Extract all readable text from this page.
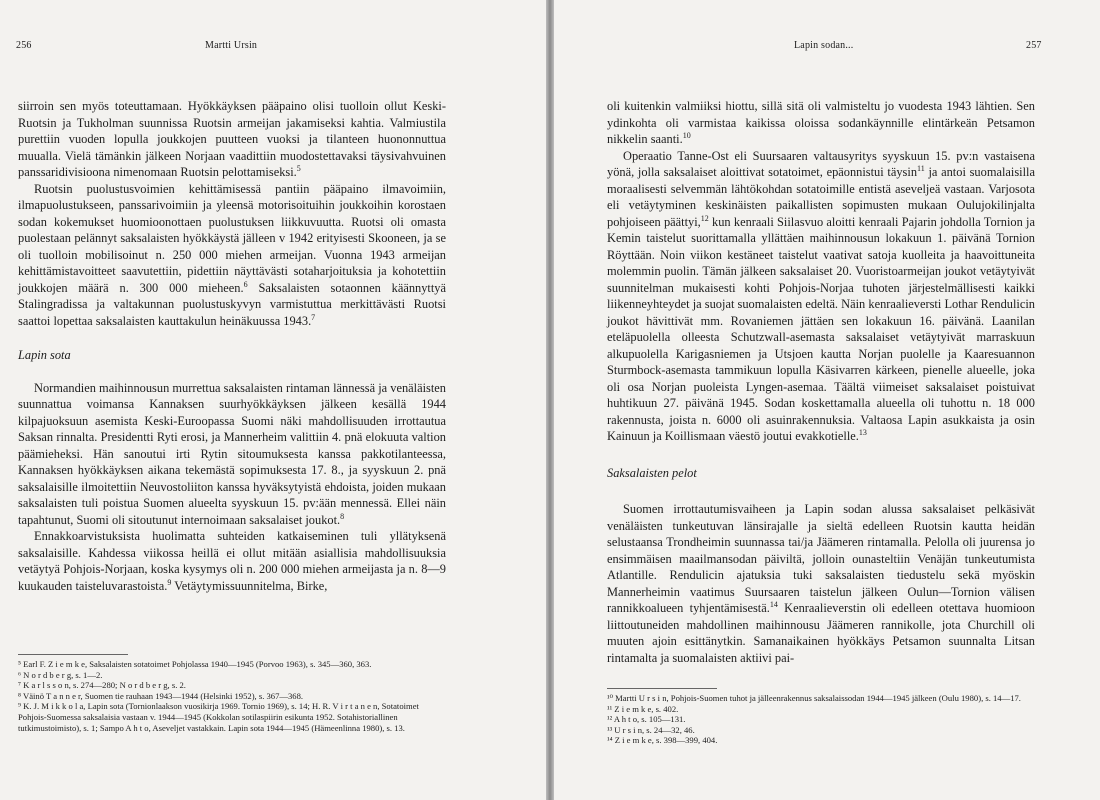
256	Martti Ursin

siirroin sen myös toteuttamaan. Hyökkäyksen pääpaino olisi tuolloin ollut Keski-Ruotsin ja Tukholman suunnissa Ruotsin armeijan jakamiseksi kahtia. Valmiustila purettiin vuoden lopulla joukkojen puutteen vuoksi ja tilanteen huononnuttua muualla. Vielä tämänkin jälkeen Norjaan vaadittiin muodostettavaksi täysivahvuinen panssaridivisioona nimenomaan Ruotsin pelottamiseksi.$^5$

Ruotsin puolustusvoimien kehittämisessä pantiin pääpaino ilmavoimiin, ilmapuolustukseen, panssarivoimiin ja yleensä motorisoituihin joukkoihin korostaen sodan kokemukset huomioonottaen puolustuksen liikkuvuutta. Ruotsi oli omasta puolestaan pelännyt saksalaisten hyökkäystä jälleen v 1942 erityisesti Skooneen, ja se oli tuolloin mobilisoinut n. 250 000 miehen armeijan. Vuonna 1943 armeijan kehittämistavoitteet saavutettiin, pidettiin näyttävästi sotaharjoituksia ja kohotettiin joukkojen määrä n. 300 000 mieheen.$^6$ Saksalaisten sotaonnen käännyttyä Stalingradissa ja valtakunnan puolustuskyvyn varmistuttua merkittävästi Ruotsi saattoi lopettaa saksalaisten kauttakulun heinäkuussa 1943.$^7$

Lapin sota

Normandien maihinnousun murrettua saksalaisten rintaman lännessä ja venäläisten suunnattua voimansa Kannaksen suurhyökkäyksen jälkeen kesällä 1944 kilpajuoksuun asemista Keski-Euroopassa Suomi näki mahdollisuuden irrottautua Saksan rinnalta. Presidentti Ryti erosi, ja Mannerheim valittiin 4. pnä elokuuta valtion päämieheksi. Hän sanoutui irti Rytin sitoumuksesta kanssa pakkotilanteessa, Kannaksen hyökkäyksen aikana tekemästä sopimuksesta 17. 8., ja syyskuun 2. pnä saksalaisille ilmoitettiin Neuvostoliiton kanssa hyväksytyistä ehdoista, joiden mukaan saksalaisten tuli poistua Suomen alueelta syyskuun 15. pv:ään mennessä. Ellei näin tapahtunut, Suomi oli sitoutunut internoimaan saksalaiset joukot.$^8$

Ennakkoarvistuksista huolimatta suhteiden katkaiseminen tuli yllätyksenä saksalaisille. Kahdessa viikossa heillä ei ollut mitään asiallisia mahdollisuuksia vetäytyä Pohjois-Norjaan, koska kysymys oli n. 200 000 miehen armeijasta ja n. 8—9 kuukauden taisteluvarastoista.$^9$ Vetäytymissuunnitelma, Birke,

⁵ Earl F. Z i e m k e, Saksalaisten sotatoimet Pohjolassa 1940—1945 (Porvoo 1963), s. 345—360, 363.

⁶ N o r d b e r g, s. 1—2.

⁷ K a r l s s o n, s. 274—280; N o r d b e r g, s. 2.

⁸ Väinö T a n n e r, Suomen tie rauhaan 1943—1944 (Helsinki 1952), s. 367—368.

⁹ K. J. M i k k o l a, Lapin sota (Tornionlaakson vuosikirja 1969. Tornio 1969), s. 14; H. R. V i r t a n e n, Sotatoimet Pohjois-Suomessa saksalaisia vastaan v. 1944—1945 (Kokkolan sotilaspiirin esikunta 1952. Sotahistoriallinen tutkimustoimisto), s. 1; Sampo A h t o, Aseveljet vastakkain. Lapin sota 1944—1945 (Hämeenlinna 1980), s. 13.

Lapin sodan...	257

oli kuitenkin valmiiksi hiottu, sillä sitä oli valmisteltu jo vuodesta 1943 lähtien. Sen ydinkohta oli varmistaa kaikissa oloissa sodankäynnille elintärkeän Petsamon nikkelin saanti.$^{10}$

Operaatio Tanne-Ost eli Suursaaren valtausyritys syyskuun 15. pv:n vastaisena yönä, jolla saksalaiset aloittivat sotatoimet, epäonnistui täysin$^{11}$ ja antoi suomalaisilla moraalisesti selvemmän lähtökohdan sotatoimille entistä aseveljeä vastaan. Varjosota eli vetäytyminen keskinäisten paikallisten sopimusten mukaan Oulujokilinjalta pohjoiseen päättyi,$^{12}$ kun kenraali Siilasvuo aloitti kenraali Pajarin johdolla Tornion ja Kemin taistelut suorittamalla yllättäen maihinnousun lokakuun 1. päivänä Tornion Röyttään. Noin viikon kestäneet taistelut vaativat satoja kuolleita ja haavoittuneita molemmin puolin. Tämän jälkeen saksalaiset 20. Vuoristoarmeijan joukot vetäytyivät suunnitelman mukaisesti kohti Pohjois-Norjaa tuhoten järjestelmällisesti kaikki liikenneyhteydet ja suojat suomalaisten edeltä. Näin kenraalieversti Lothar Rendulicin joukot hävittivät mm. Rovaniemen jättäen sen lokakuun 16. päivänä. Laanilan eteläpuolella olleesta Schutzwall-asemasta saksalaiset vetäytyivät marraskuun alkupuolella Karigasniemen ja Utsjoen kautta Norjan puolelle ja Kaaresuannon Sturmbock-asemasta tammikuun lopulla Käsivarren kärkeen, pienelle alueelle, joka oli osa Norjan puoleista Lyngen-asemaa. Täältä viimeiset saksalaiset poistuivat huhtikuun 27. päivänä 1945. Sodan koskettamalla alueella oli tuhottu n. 18 000 rakennusta, joista n. 6000 oli asuinrakennuksia. Valtaosa Lapin asukkaista ja osin Kainuun ja Koillismaan väestö joutui evakkotielle.$^{13}$

Saksalaisten pelot

Suomen irrottautumisvaiheen ja Lapin sodan alussa saksalaiset pelkäsivät venäläisten tunkeutuvan länsirajalle ja sieltä edelleen Ruotsin kautta heidän selustaansa Trondheimin suunnassa tai/ja Jäämeren rintamalla. Pelolla oli juurensa jo ensimmäisen maailmansodan päiviltä, jolloin ounasteltiin Venäjän tunkeutumista Atlantille. Rendulicin ajatuksia tuki saksalaisten tiedustelu sekä myöskin Mannerheimin vaatimus Suursaaren taistelun jälkeen Oulun—Tornion välisen rannikkoalueen tyhjentämisestä.$^{14}$ Kenraalieverstin oli edelleen otettava huomioon liittoutuneiden mahdollinen maihinnousu Jäämeren rannikolle, jota Churchill oli muuten ajoin esittänytkin. Samanaikainen hyökkäys Petsamon suunnalta Litsan rintamalta ja suomalaisten aktiivi pai-

¹⁰ Martti U r s i n, Pohjois-Suomen tuhot ja jälleenrakennus saksalaissodan 1944—1945 jälkeen (Oulu 1980), s. 14—17.

¹¹ Z i e m k e, s. 402.

¹² A h t o, s. 105—131.

¹³ U r s i n, s. 24—32, 46.

¹⁴ Z i e m k e, s. 398—399, 404.
